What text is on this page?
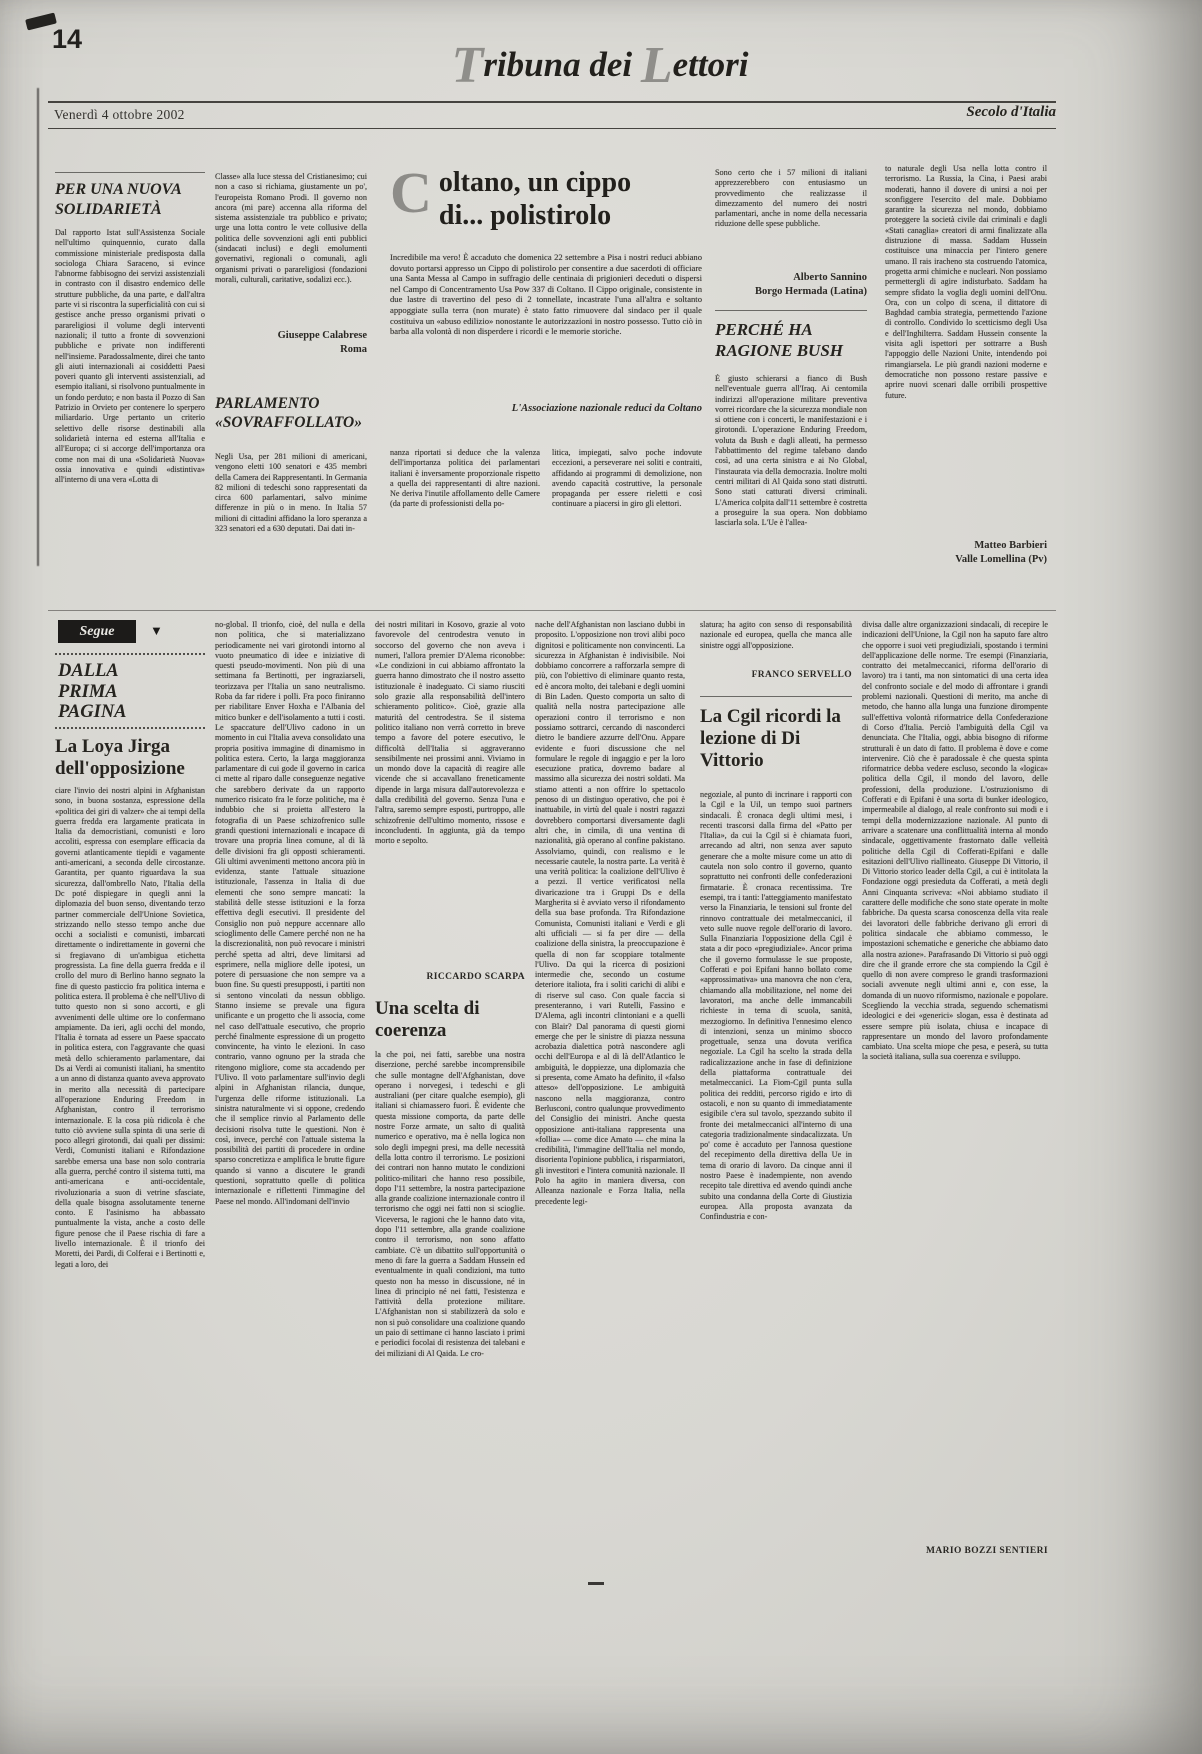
14	Tribuna dei Lettori
Venerdì 4 ottobre 2002	Secolo d'Italia
PER UNA NUOVA SOLIDARIETÀ
Dal rapporto Istat sull'Assistenza Sociale nell'ultimo quinquennio, curato dalla commissione ministeriale predisposta dalla sociologa Chiara Saraceno, si evince l'abnorme fabbisogno dei servizi assistenziali in contrasto con il disastro endemico delle strutture pubbliche, da una parte, e dall'altra parte vi si riscontra la superficialità con cui si gestisce anche presso organismi privati o parareligiosi il volume degli interventi nazionali; il tutto a fronte di sovvenzioni pubbliche e private non indifferenti nell'insieme. Paradossalmente, direi che tanto gli aiuti internazionali ai cosiddetti Paesi poveri quanto gli interventi assistenziali, ad esempio italiani, si risolvono puntualmente in un fondo perduto; e non basta il Pozzo di San Patrizio in Orvieto per contenere lo sperpero miliardario. Urge pertanto un criterio selettivo delle risorse destinabili alla solidarietà interna ed esterna all'Italia e all'Europa; ci si accorge dell'importanza ora come non mai di una «Solidarietà Nuova» ossia innovativa e quindi «distintiva» all'interno di una vera «Lotta di
Classe» alla luce stessa del Cristianesimo; cui non a caso si richiama, giustamente un po', l'europeista Romano Prodi. Il governo non ancora (mi pare) accenna alla riforma del sistema assistenziale tra pubblico e privato; urge una lotta contro le vete collusive della politica delle sovvenzioni agli enti pubblici (sindacati inclusi) e degli emolumenti governativi, regionali o comunali, agli organismi privati o parareligiosi (fondazioni morali, culturali, caritative, sodalizi ecc.).
Giuseppe Calabrese
Roma
PARLAMENTO «SOVRAFFOLLATO»
Negli Usa, per 281 milioni di americani, vengono eletti 100 senatori e 435 membri della Camera dei Rappresentanti. In Germania 82 milioni di tedeschi sono rappresentati da circa 600 parlamentari, salvo minime differenze in più o in meno. In Italia 57 milioni di cittadini affidano la loro speranza a 323 senatori ed a 630 deputati. Dai dati in-
C oltano, un cippo
di... polistirolo
Incredibile ma vero! È accaduto che domenica 22 settembre a Pisa i nostri reduci abbiano dovuto portarsi appresso un Cippo di polistirolo per consentire a due sacerdoti di officiare una Santa Messa al Campo in suffragio delle centinaia di prigionieri deceduti o dispersi nel Campo di Concentramento Usa Pow 337 di Coltano. Il Cippo originale, consistente in due lastre di travertino del peso di 2 tonnellate, incastrate l'una all'altra e soltanto appoggiate sulla terra (non murate) è stato fatto rimuovere dal sindaco per il quale costituiva un «abuso edilizio» nonostante le autorizzazioni in nostro possesso. Tutto ciò in barba alla volontà di non disperdere i ricordi e le memorie storiche.
L'Associazione nazionale reduci da Coltano
nanza riportati si deduce che la valenza dell'importanza politica dei parlamentari italiani è inversamente proporzionale rispetto a quella dei rappresentanti di altre nazioni. Ne deriva l'inutile affollamento delle Camere (da parte di professionisti della po-
litica, impiegati, salvo poche indovute eccezioni, a perseverare nei soliti e contraiti, affidando ai programmi di demolizione, non avendo capacità costruttive, la personale propaganda per essere rieletti e così continuare a piacersi in giro gli elettori.
Sono certo che i 57 milioni di italiani apprezzerebbero con entusiasmo un provvedimento che realizzasse il dimezzamento del numero dei nostri parlamentari, anche in nome della necessaria riduzione delle spese pubbliche.
Alberto Sannino
Borgo Hermada (Latina)
PERCHÉ HA RAGIONE BUSH
È giusto schierarsi a fianco di Bush nell'eventuale guerra all'Iraq. Ai centomila indirizzi all'operazione militare preventiva vorrei ricordare che la sicurezza mondiale non si ottiene con i concerti, le manifestazioni e i girotondi. L'operazione Enduring Freedom, voluta da Bush e dagli alleati, ha permesso l'abbattimento del regime talebano dando così, ad una certa sinistra e ai No Global, l'instaurata via della democrazia. Inoltre molti centri militari di Al Qaida sono stati distrutti. Sono stati catturati diversi criminali. L'America colpita dall'11 settembre è costretta a proseguire la sua opera. Non dobbiamo lasciarla sola. L'Ue è l'allea-
to naturale degli Usa nella lotta contro il terrorismo. La Russia, la Cina, i Paesi arabi moderati, hanno il dovere di unirsi a noi per sconfiggere l'esercito del male. Dobbiamo garantire la sicurezza nel mondo, dobbiamo proteggere la società civile dai criminali e dagli «Stati canaglia» creatori di armi finalizzate alla distruzione di massa. Saddam Hussein costituisce una minaccia per l'intero genere umano. Il rais iracheno sta costruendo l'atomica, progetta armi chimiche e nucleari. Non possiamo permettergli di agire indisturbato. Saddam ha sempre sfidato la voglia degli uomini dell'Onu. Ora, con un colpo di scena, il dittatore di Baghdad cambia strategia, permettendo l'azione di controllo. Condivido lo scetticismo degli Usa e dell'Inghilterra. Saddam Hussein consente la visita agli ispettori per sottrarre a Bush l'appoggio delle Nazioni Unite, intendendo poi rimangiarsela. Le più grandi nazioni moderne e democratiche non possono restare passive e aprire nuovi scenari dalle orribili prospettive future.
Matteo Barbieri
Valle Lomellina (Pv)
Segue	▼
DALLA PRIMA PAGINA
La Loya Jirga dell'opposizione
ciare l'invio dei nostri alpini in Afghanistan sono, in buona sostanza, espressione della «politica dei giri di valzer» che ai tempi della guerra fredda era largamente praticata in Italia da democristiani, comunisti e loro accoliti, espressa con esemplare efficacia da governi atlanticamente tiepidi e vagamente anti-americani, a seconda delle circostanze. Garantita, per quanto riguardava la sua sicurezza, dall'ombrello Nato, l'Italia della Dc poté dispiegare in quegli anni la diplomazia del buon senso, diventando terzo partner commerciale dell'Unione Sovietica, strizzando nello stesso tempo anche due occhi a socialisti e comunisti, imbarcati direttamente o indirettamente in governi che si fregiavano di un'ambigua etichetta progressista. La fine della guerra fredda e il crollo del muro di Berlino hanno segnato la fine di questo pasticcio fra politica interna e politica estera. Il problema è che nell'Ulivo di tutto questo non si sono accorti, e gli avvenimenti delle ultime ore lo confermano ampiamente. Da ieri, agli occhi del mondo, l'Italia è tornata ad essere un Paese spaccato in politica estera, con l'aggravante che quasi metà dello schieramento parlamentare, dai Ds ai Verdi ai comunisti italiani, ha smentito a un anno di distanza quanto aveva approvato in merito alla necessità di partecipare all'operazione Enduring Freedom in Afghanistan, contro il terrorismo internazionale. E la cosa più ridicola è che tutto ciò avviene sulla spinta di una serie di poco allegri girotondi, dai quali per dissimi: Verdi, Comunisti italiani e Rifondazione sarebbe emersa una base non solo contraria alla guerra, perché contro il sistema tutti, ma anti-americana e anti-occidentale, rivoluzionaria a suon di vetrine sfasciate, della quale bisogna assolutamente tenerne conto. E l'asinismo ha abbassato puntualmente la vista, anche a costo delle figure penose che il Paese rischia di fare a livello internazionale. È il trionfo dei Moretti, dei Pardi, di Colferai e i Bertinotti e, legati a loro, dei
no-global. Il trionfo, cioè, del nulla e della non politica, che si materializzano periodicamente nei vari girotondi intorno al vuoto pneumatico di idee e iniziative di questi pseudo-movimenti. Non più di una settimana fa Bertinotti, per ingraziarseli, teorizzava per l'Italia un sano neutralismo. Roba da far ridere i polli. Fra poco finiranno per riabilitare Enver Hoxha e l'Albania del mitico bunker e dell'isolamento a tutti i costi. Le spaccature dell'Ulivo cadono in un momento in cui l'Italia aveva consolidato una propria positiva immagine di dinamismo in politica estera. Certo, la larga maggioranza parlamentare di cui gode il governo in carica ci mette al riparo dalle conseguenze negative che sarebbero derivate da un rapporto numerico risicato fra le forze politiche, ma è indubbio che si proietta all'estero la fotografia di un Paese schizofrenico sulle grandi questioni internazionali e incapace di trovare una propria linea comune, al di là delle divisioni fra gli opposti schieramenti. Gli ultimi avvenimenti mettono ancora più in evidenza, stante l'attuale situazione istituzionale, l'assenza in Italia di due elementi che sono sempre mancati: la stabilità delle stesse istituzioni e la forza effettiva degli esecutivi. Il presidente del Consiglio non può neppure accennare allo scioglimento delle Camere perché non ne ha la discrezionalità, non può revocare i ministri perché spetta ad altri, deve limitarsi ad esprimere, nella migliore delle ipotesi, un potere di persuasione che non sempre va a buon fine. Su questi presupposti, i partiti non si sentono vincolati da nessun obbligo. Stanno insieme se prevale una figura unificante e un progetto che li associa, come nel caso dell'attuale esecutivo, che proprio perché finalmente espressione di un progetto convincente, ha vinto le elezioni. In caso contrario, vanno ognuno per la strada che ritengono migliore, come sta accadendo per l'Ulivo. Il voto parlamentare sull'invio degli alpini in Afghanistan rilancia, dunque, l'urgenza delle riforme istituzionali. La sinistra naturalmente vi si oppone, credendo che il semplice rinvio al Parlamento delle decisioni risolva tutte le questioni. Non è così, invece, perché con l'attuale sistema la possibilità dei partiti di procedere in ordine sparso concretizza e amplifica le brutte figure quando si vanno a discutere le grandi questioni, soprattutto quelle di politica internazionale e riflettenti l'immagine del Paese nel mondo. All'indomani dell'invio
dei nostri militari in Kosovo, grazie al voto favorevole del centrodestra venuto in soccorso del governo che non aveva i numeri, l'allora premier D'Alema riconobbe: «Le condizioni in cui abbiamo affrontato la guerra hanno dimostrato che il nostro assetto istituzionale è inadeguato. Ci siamo riusciti solo grazie alla responsabilità dell'intero schieramento politico». Cioè, grazie alla maturità del centrodestra. Se il sistema politico italiano non verrà corretto in breve tempo a favore del potere esecutivo, le difficoltà dell'Italia si aggraveranno sensibilmente nei prossimi anni. Viviamo in un mondo dove la capacità di reagire alle vicende che si accavallano freneticamente dipende in larga misura dall'autorevolezza e dalla credibilità del governo. Senza l'una e l'altra, saremo sempre esposti, purtroppo, alle schizofrenie dell'ultimo momento, rissose e inconcludenti. In aggiunta, già da tempo morto e sepolto.
RICCARDO SCARPA
Una scelta di coerenza
la che poi, nei fatti, sarebbe una nostra diserzione, perché sarebbe incomprensibile che sulle montagne dell'Afghanistan, dove operano i norvegesi, i tedeschi e gli australiani (per citare qualche esempio), gli italiani si chiamassero fuori. È evidente che questa missione comporta, da parte delle nostre Forze armate, un salto di qualità numerico e operativo, ma è nella logica non solo degli impegni presi, ma delle necessità della lotta contro il terrorismo. Le posizioni dei contrari non hanno mutato le condizioni politico-militari che hanno reso possibile, dopo l'11 settembre, la nostra partecipazione alla grande coalizione internazionale contro il terrorismo che oggi nei fatti non si scioglie. Viceversa, le ragioni che le hanno dato vita, dopo l'11 settembre, alla grande coalizione contro il terrorismo, non sono affatto cambiate. C'è un dibattito sull'opportunità o meno di fare la guerra a Saddam Hussein ed eventualmente in quali condizioni, ma tutto questo non ha messo in discussione, né in linea di principio né nei fatti, l'esistenza e l'attività della protezione militare. L'Afghanistan non si stabilizzerà da solo e non si può consolidare una coalizione quando un paio di settimane ci hanno lasciato i primi e periodici focolai di resistenza dei talebani e dei miliziani di Al Qaida. Le cro-
nache dell'Afghanistan non lasciano dubbi in proposito. L'opposizione non trovi alibi poco dignitosi e politicamente non convincenti. La sicurezza in Afghanistan è indivisibile. Noi dobbiamo concorrere a rafforzarla sempre di più, con l'obiettivo di eliminare quanto resta, ed è ancora molto, dei talebani e degli uomini di Bin Laden. Questo comporta un salto di qualità nella nostra partecipazione alle operazioni contro il terrorismo e non possiamo sottrarci, cercando di nasconderci dietro le bandiere azzurre dell'Onu. Appare evidente e fuori discussione che nel formulare le regole di ingaggio e per la loro esecuzione pratica, dovremo badare al massimo alla sicurezza dei nostri soldati. Ma stiamo attenti a non offrire lo spettacolo penoso di un distinguo operativo, che poi è inattuabile, in virtù del quale i nostri ragazzi dovrebbero comportarsi diversamente dagli altri che, in cimila, di una ventina di nazionalità, già operano al confine pakistano. Assolviamo, quindi, con realismo e le necessarie cautele, la nostra parte. La verità è una verità politica: la coalizione dell'Ulivo è a pezzi. Il vertice verificatosi nella divaricazione tra i Gruppi Ds e della Margherita si è avviato verso il rifondamento della sua base profonda. Tra Rifondazione Comunista, Comunisti italiani e Verdi e gli alti ufficiali — si fa per dire — della coalizione della sinistra, la preoccupazione è quella di non far scoppiare totalmente l'Ulivo. Da qui la ricerca di posizioni intermedie che, secondo un costume deteriore italiota, fra i soliti carichi di alibi e di riserve sul caso. Con quale faccia si presenteranno, i vari Rutelli, Fassino e D'Alema, agli incontri clintoniani e a quelli con Blair? Dal panorama di questi giorni emerge che per le sinistre di piazza nessuna acrobazia dialettica potrà nascondere agli occhi dell'Europa e al di là dell'Atlantico le ambiguità, le doppiezze, una diplomazia che si presenta, come Amato ha definito, il «falso atteso» dell'opposizione. Le ambiguità nascono nella maggioranza, contro Berlusconi, contro qualunque provvedimento del Consiglio dei ministri. Anche questa opposizione anti-italiana rappresenta una «follia» — come dice Amato — che mina la credibilità, l'immagine dell'Italia nel mondo, disorienta l'opinione pubblica, i risparmiatori, gli investitori e l'intera comunità nazionale. Il Polo ha agito in maniera diversa, con Alleanza nazionale e Forza Italia, nella precedente legi-
slatura; ha agito con senso di responsabilità nazionale ed europea, quella che manca alle sinistre oggi all'opposizione.
FRANCO SERVELLO
La Cgil ricordi la lezione di Di Vittorio
negoziale, al punto di incrinare i rapporti con la Cgil e la Uil, un tempo suoi partners sindacali. È cronaca degli ultimi mesi, i recenti trascorsi dalla firma del «Patto per l'Italia», da cui la Cgil si è chiamata fuori, arrecando ad altri, non senza aver saputo generare che a molte misure come un atto di cautela non solo contro il governo, quanto soprattutto nei confronti delle confederazioni firmatarie. È cronaca recentissima. Tre esempi, tra i tanti: l'atteggiamento manifestato verso la Finanziaria, le tensioni sul fronte del rinnovo contrattuale dei metalmeccanici, il veto sulle nuove regole dell'orario di lavoro. Sulla Finanziaria l'opposizione della Cgil è stata a dir poco «pregiudiziale». Ancor prima che il governo formulasse le sue proposte, Cofferati e poi Epifani hanno bollato come «approssimativa» una manovra che non c'era, chiamando alla mobilitazione, nel nome dei lavoratori, ma anche delle immancabili richieste in tema di scuola, sanità, mezzogiorno. In definitiva l'ennesimo elenco di intenzioni, senza un minimo sbocco progettuale, senza una dovuta verifica negoziale. La Cgil ha scelto la strada della radicalizzazione anche in fase di definizione della piattaforma contrattuale dei metalmeccanici. La Fiom-Cgil punta sulla politica dei redditi, percorso rigido e irto di ostacoli, e non su quanto di immediatamente esigibile c'era sul tavolo, spezzando subito il fronte dei metalmeccanici all'interno di una categoria tradizionalmente sindacalizzata. Un po' come è accaduto per l'annosa questione del recepimento della direttiva della Ue in tema di orario di lavoro. Da cinque anni il nostro Paese è inadempiente, non avendo recepito tale direttiva ed avendo quindi anche subito una condanna della Corte di Giustizia europea. Alla proposta avanzata da Confindustria e con-
divisa dalle altre organizzazioni sindacali, di recepire le indicazioni dell'Unione, la Cgil non ha saputo fare altro che opporre i suoi veti pregiudiziali, spostando i termini dell'applicazione delle norme. Tre esempi (Finanziaria, contratto dei metalmeccanici, riforma dell'orario di lavoro) tra i tanti, ma non sintomatici di una certa idea del confronto sociale e del modo di affrontare i grandi problemi nazionali. Questioni di merito, ma anche di metodo, che hanno alla lunga una funzione dirompente sull'effettiva volontà riformatrice della Confederazione di Corso d'Italia. Perciò l'ambiguità della Cgil va denunciata. Che l'Italia, oggi, abbia bisogno di riforme strutturali è un dato di fatto. Il problema è dove e come intervenire. Ciò che è paradossale è che questa spinta riformatrice debba vedere escluso, secondo la «logica» politica della Cgil, il mondo del lavoro, delle professioni, della produzione. L'ostruzionismo di Cofferati e di Epifani è una sorta di bunker ideologico, impermeabile al dialogo, al reale confronto sui modi e i tempi della modernizzazione nazionale. Al punto di arrivare a scatenare una conflittualità interna al mondo sindacale, oggettivamente frastornato dalle velleità politiche della Cgil di Cofferati-Epifani e dalle esitazioni dell'Ulivo riallineato. Giuseppe Di Vittorio, il Di Vittorio storico leader della Cgil, a cui è intitolata la Fondazione oggi presieduta da Cofferati, a metà degli Anni Cinquanta scriveva: «Noi abbiamo studiato il carattere delle modifiche che sono state operate in molte fabbriche. Da questa scarsa conoscenza della vita reale dei lavoratori delle fabbriche derivano gli errori di politica sindacale che abbiamo commesso, le impostazioni schematiche e generiche che abbiamo dato alla nostra azione». Parafrasando Di Vittorio si può oggi dire che il grande errore che sta compiendo la Cgil è quello di non avere compreso le grandi trasformazioni sociali avvenute negli ultimi anni e, con esse, la domanda di un nuovo riformismo, nazionale e popolare. Scegliendo la vecchia strada, seguendo schematismi ideologici e dei «generici» slogan, essa è destinata ad essere sempre più isolata, chiusa e incapace di rappresentare un mondo del lavoro profondamente cambiato. Una scelta miope che pesa, e peserà, su tutta la società italiana, sulla sua coerenza e sviluppo.
MARIO BOZZI SENTIERI
